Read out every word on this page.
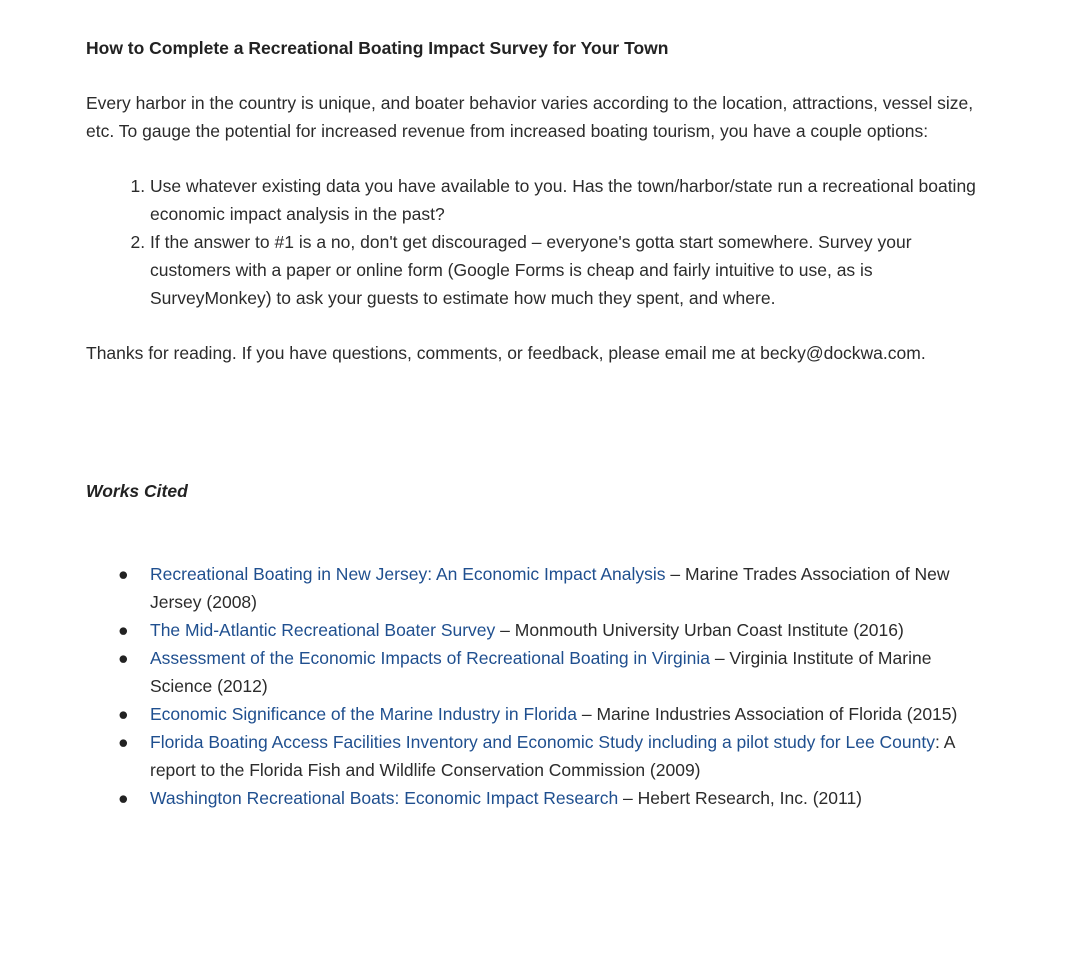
How to Complete a Recreational Boating Impact Survey for Your Town

Every harbor in the country is unique, and boater behavior varies according to the location, attractions, vessel size, etc. To gauge the potential for increased revenue from increased boating tourism, you have a couple options:

1. Use whatever existing data you have available to you. Has the town/harbor/state run a recreational boating economic impact analysis in the past?
2. If the answer to #1 is a no, don't get discouraged – everyone's gotta start somewhere. Survey your customers with a paper or online form (Google Forms is cheap and fairly intuitive to use, as is SurveyMonkey) to ask your guests to estimate how much they spent, and where.

Thanks for reading. If you have questions, comments, or feedback, please email me at becky@dockwa.com.

Works Cited

● Recreational Boating in New Jersey: An Economic Impact Analysis – Marine Trades Association of New Jersey (2008)
● The Mid-Atlantic Recreational Boater Survey – Monmouth University Urban Coast Institute (2016)
● Assessment of the Economic Impacts of Recreational Boating in Virginia – Virginia Institute of Marine Science (2012)
● Economic Significance of the Marine Industry in Florida – Marine Industries Association of Florida (2015)
● Florida Boating Access Facilities Inventory and Economic Study including a pilot study for Lee County: A report to the Florida Fish and Wildlife Conservation Commission (2009)
● Washington Recreational Boats: Economic Impact Research – Hebert Research, Inc. (2011)
